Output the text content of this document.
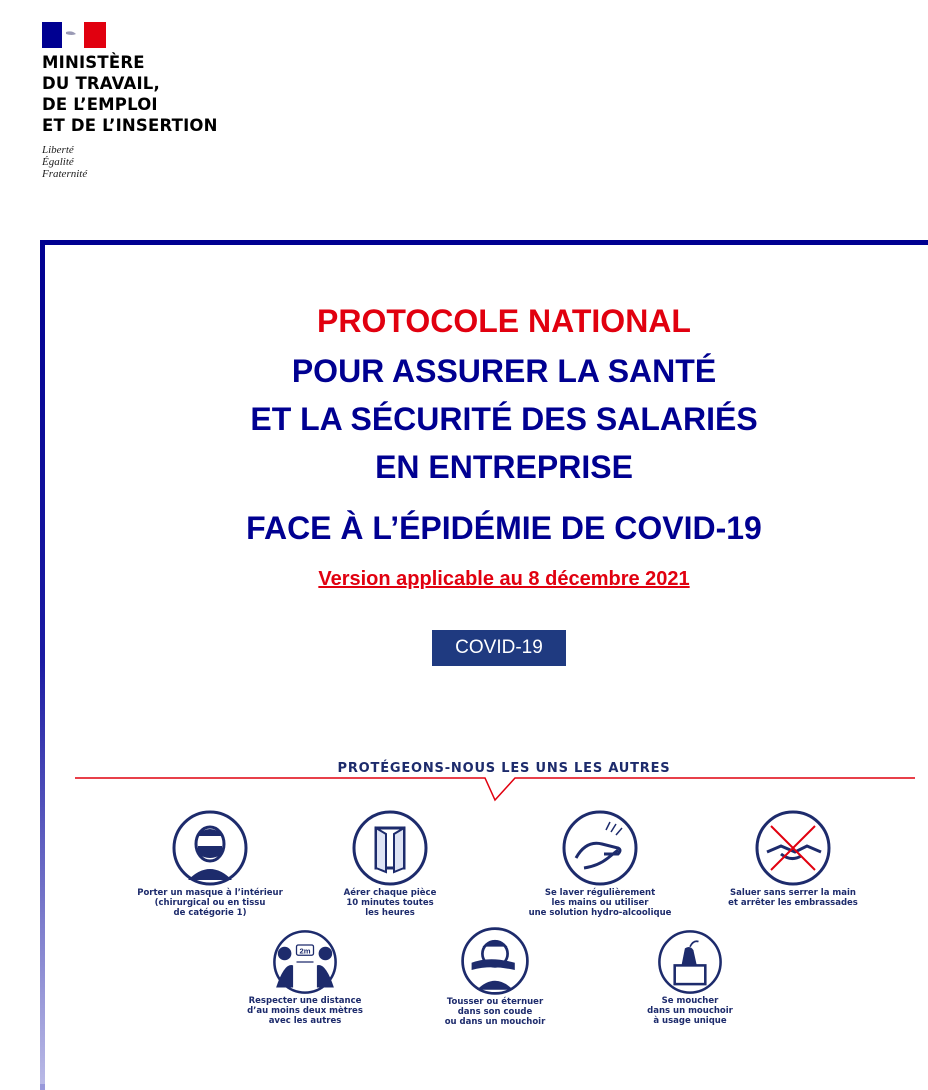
MINISTÈRE
DU TRAVAIL,
DE L’EMPLOI
ET DE L’INSERTION
Liberté
Égalité
Fraternité
PROTOCOLE NATIONAL
POUR ASSURER LA SANTÉ
ET LA SÉCURITÉ DES SALARIÉS
EN ENTREPRISE
FACE À L’ÉPIDÉMIE DE COVID-19
Version applicable au 8 décembre 2021
COVID-19
PROTÉGEONS-NOUS LES UNS LES AUTRES
Porter un masque à l’intérieur
(chirurgical ou en tissu
de catégorie 1)
Aérer chaque pièce
10 minutes toutes
les heures
Se laver régulièrement
les mains ou utiliser
une solution hydro-alcoolique
Saluer sans serrer la main
et arrêter les embrassades
2m
Respecter une distance
d’au moins deux mètres
avec les autres
Tousser ou éternuer
dans son coude
ou dans un mouchoir
Se moucher
dans un mouchoir
à usage unique
